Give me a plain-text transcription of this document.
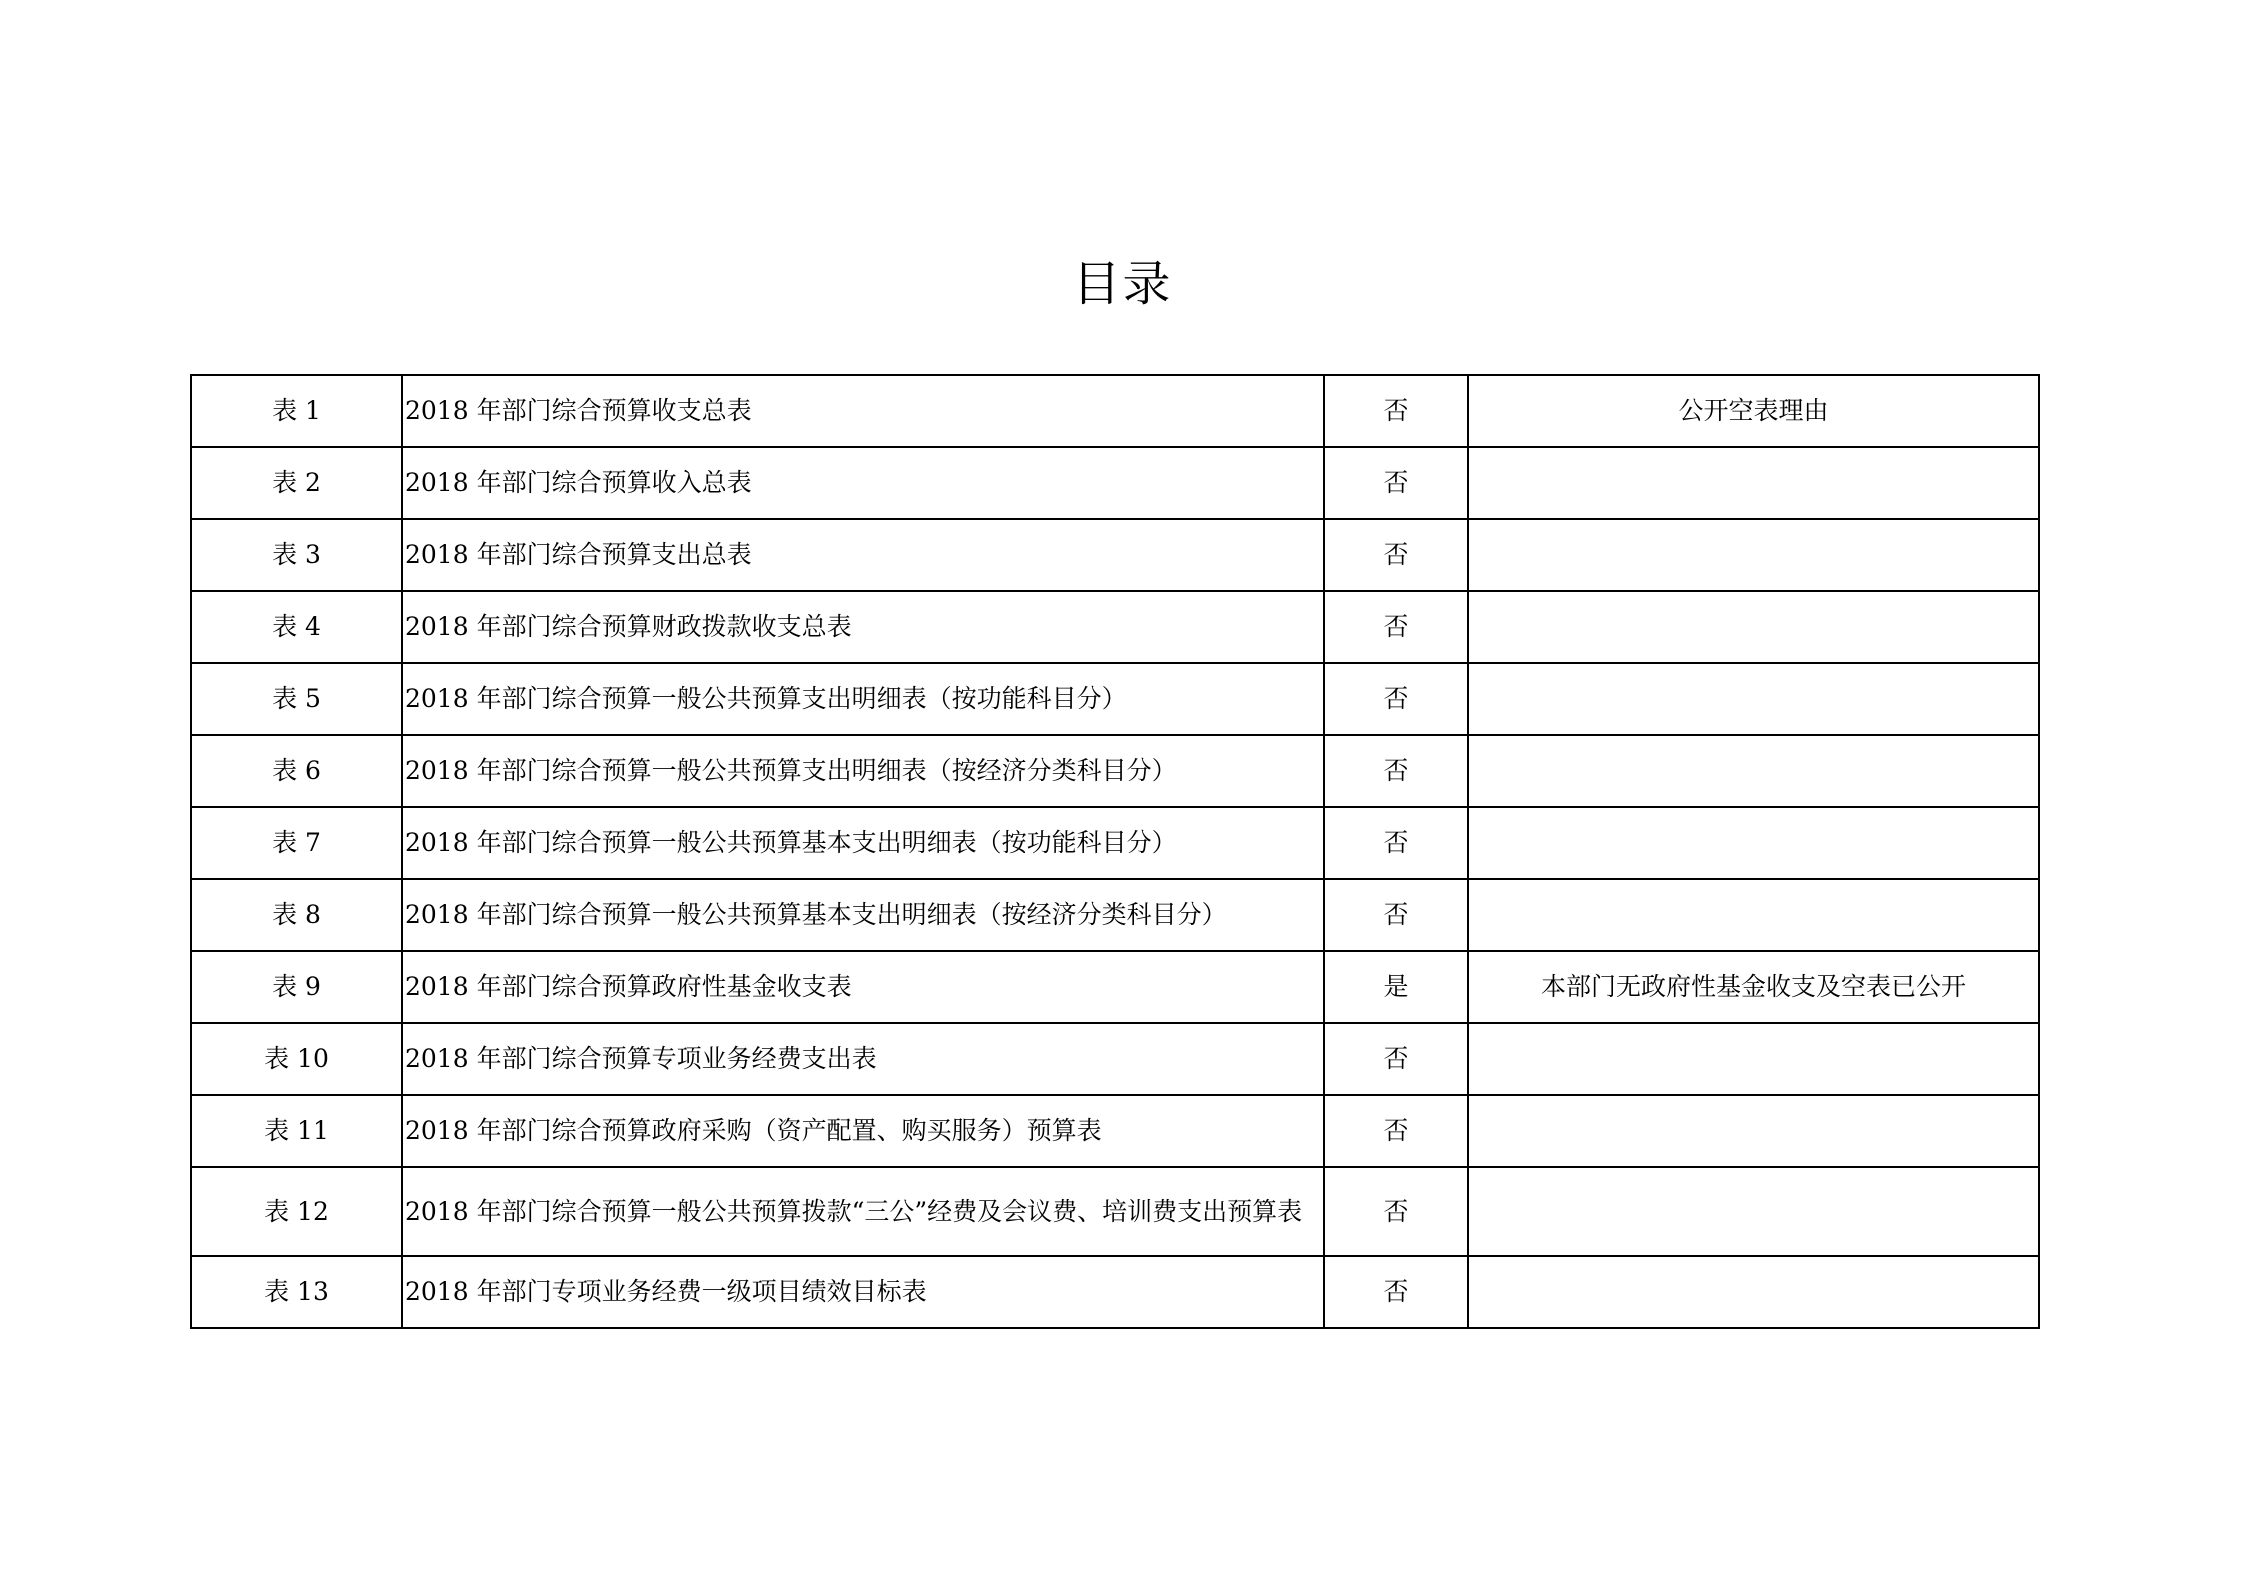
目录
表 1	2018 年部门综合预算收支总表	否	公开空表理由
表 2	2018 年部门综合预算收入总表	否	
表 3	2018 年部门综合预算支出总表	否	
表 4	2018 年部门综合预算财政拨款收支总表	否	
表 5	2018 年部门综合预算一般公共预算支出明细表（按功能科目分）	否	
表 6	2018 年部门综合预算一般公共预算支出明细表（按经济分类科目分）	否	
表 7	2018 年部门综合预算一般公共预算基本支出明细表（按功能科目分）	否	
表 8	2018 年部门综合预算一般公共预算基本支出明细表（按经济分类科目分）	否	
表 9	2018 年部门综合预算政府性基金收支表	是	本部门无政府性基金收支及空表已公开
表 10	2018 年部门综合预算专项业务经费支出表	否	
表 11	2018 年部门综合预算政府采购（资产配置、购买服务）预算表	否	
表 12	2018 年部门综合预算一般公共预算拨款“三公”经费及会议费、培训费支出预算表	否	
表 13	2018 年部门专项业务经费一级项目绩效目标表	否	
